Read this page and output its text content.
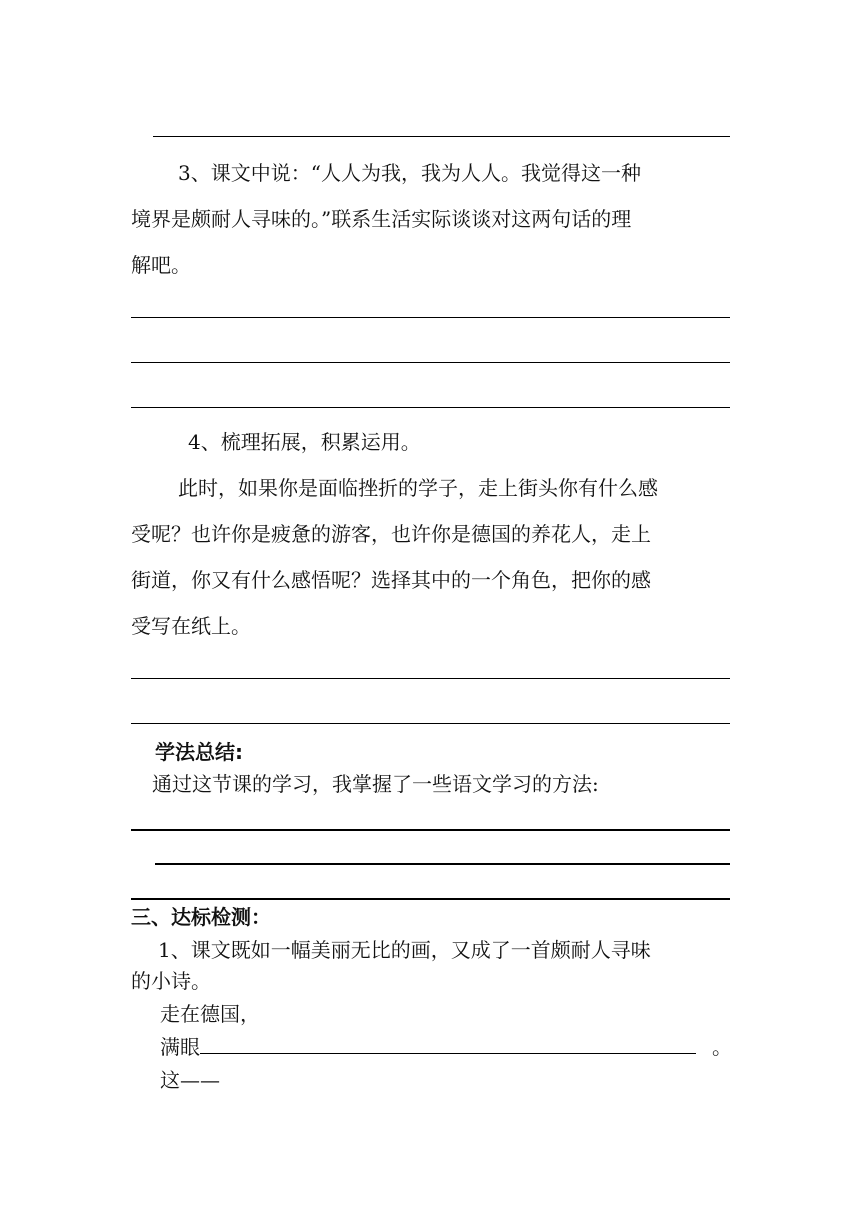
3、课文中说：“人人为我，我为人人。我觉得这一种
境界是颇耐人寻味的。”联系生活实际谈谈对这两句话的理
解吧。
4、梳理拓展，积累运用。
此时，如果你是面临挫折的学子，走上街头你有什么感
受呢？也许你是疲惫的游客，也许你是德国的养花人，走上
街道，你又有什么感悟呢？选择其中的一个角色，把你的感
受写在纸上。
学法总结:
通过这节课的学习，我掌握了一些语文学习的方法:
三、达标检测：
1、课文既如一幅美丽无比的画，又成了一首颇耐人寻味
的小诗。
走在德国，
满眼	。
这——
